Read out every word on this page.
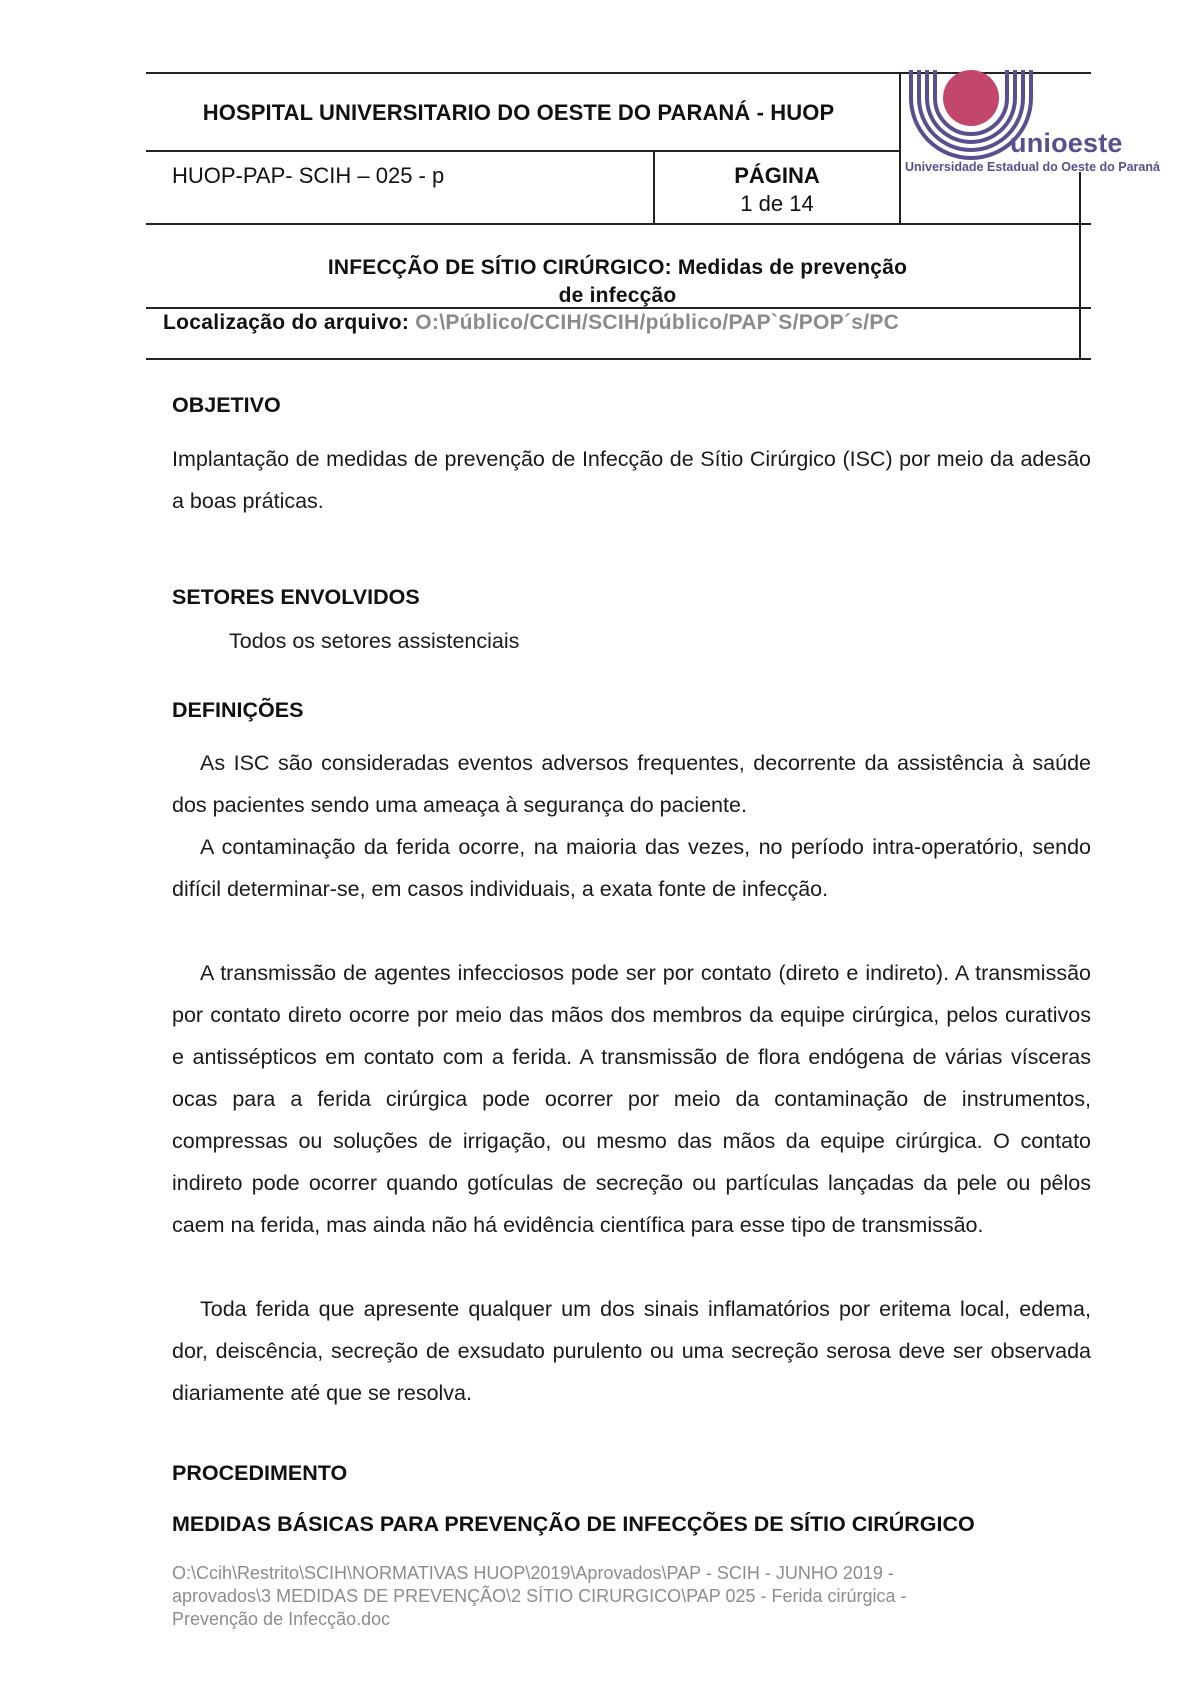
HOSPITAL UNIVERSITARIO DO OESTE DO PARANÁ - HUOP
HUOP-PAP- SCIH – 025 - p	PÁGINA
1 de 14
INFECÇÃO DE SÍTIO CIRÚRGICO: Medidas de prevenção
de infecção
Localização do arquivo: O:\Público/CCIH/SCIH/público/PAP`S/POP´s/PC
unioeste
Universidade Estadual do Oeste do Paraná
OBJETIVO
Implantação de medidas de prevenção de Infecção de Sítio Cirúrgico (ISC) por meio da adesão a boas práticas.
SETORES ENVOLVIDOS
Todos os setores assistenciais
DEFINIÇÕES
As ISC são consideradas eventos adversos frequentes, decorrente da assistência à saúde dos pacientes sendo uma ameaça à segurança do paciente.
A contaminação da ferida ocorre, na maioria das vezes, no período intra-operatório, sendo difícil determinar-se, em casos individuais, a exata fonte de infecção.
A transmissão de agentes infecciosos pode ser por contato (direto e indireto). A transmissão por contato direto ocorre por meio das mãos dos membros da equipe cirúrgica, pelos curativos e antissépticos em contato com a ferida. A transmissão de flora endógena de várias vísceras ocas para a ferida cirúrgica pode ocorrer por meio da contaminação de instrumentos, compressas ou soluções de irrigação, ou mesmo das mãos da equipe cirúrgica. O contato indireto pode ocorrer quando gotículas de secreção ou partículas lançadas da pele ou pêlos caem na ferida, mas ainda não há evidência científica para esse tipo de transmissão.
Toda ferida que apresente qualquer um dos sinais inflamatórios por eritema local, edema, dor, deiscência, secreção de exsudato purulento ou uma secreção serosa deve ser observada diariamente até que se resolva.
PROCEDIMENTO
MEDIDAS BÁSICAS PARA PREVENÇÃO DE INFECÇÕES DE SÍTIO CIRÚRGICO
O:\Ccih\Restrito\SCIH\NORMATIVAS HUOP\2019\Aprovados\PAP - SCIH - JUNHO 2019 -
aprovados\3 MEDIDAS DE PREVENÇÃO\2 SÍTIO CIRURGICO\PAP 025 - Ferida cirúrgica -
Prevenção de Infecção.doc
